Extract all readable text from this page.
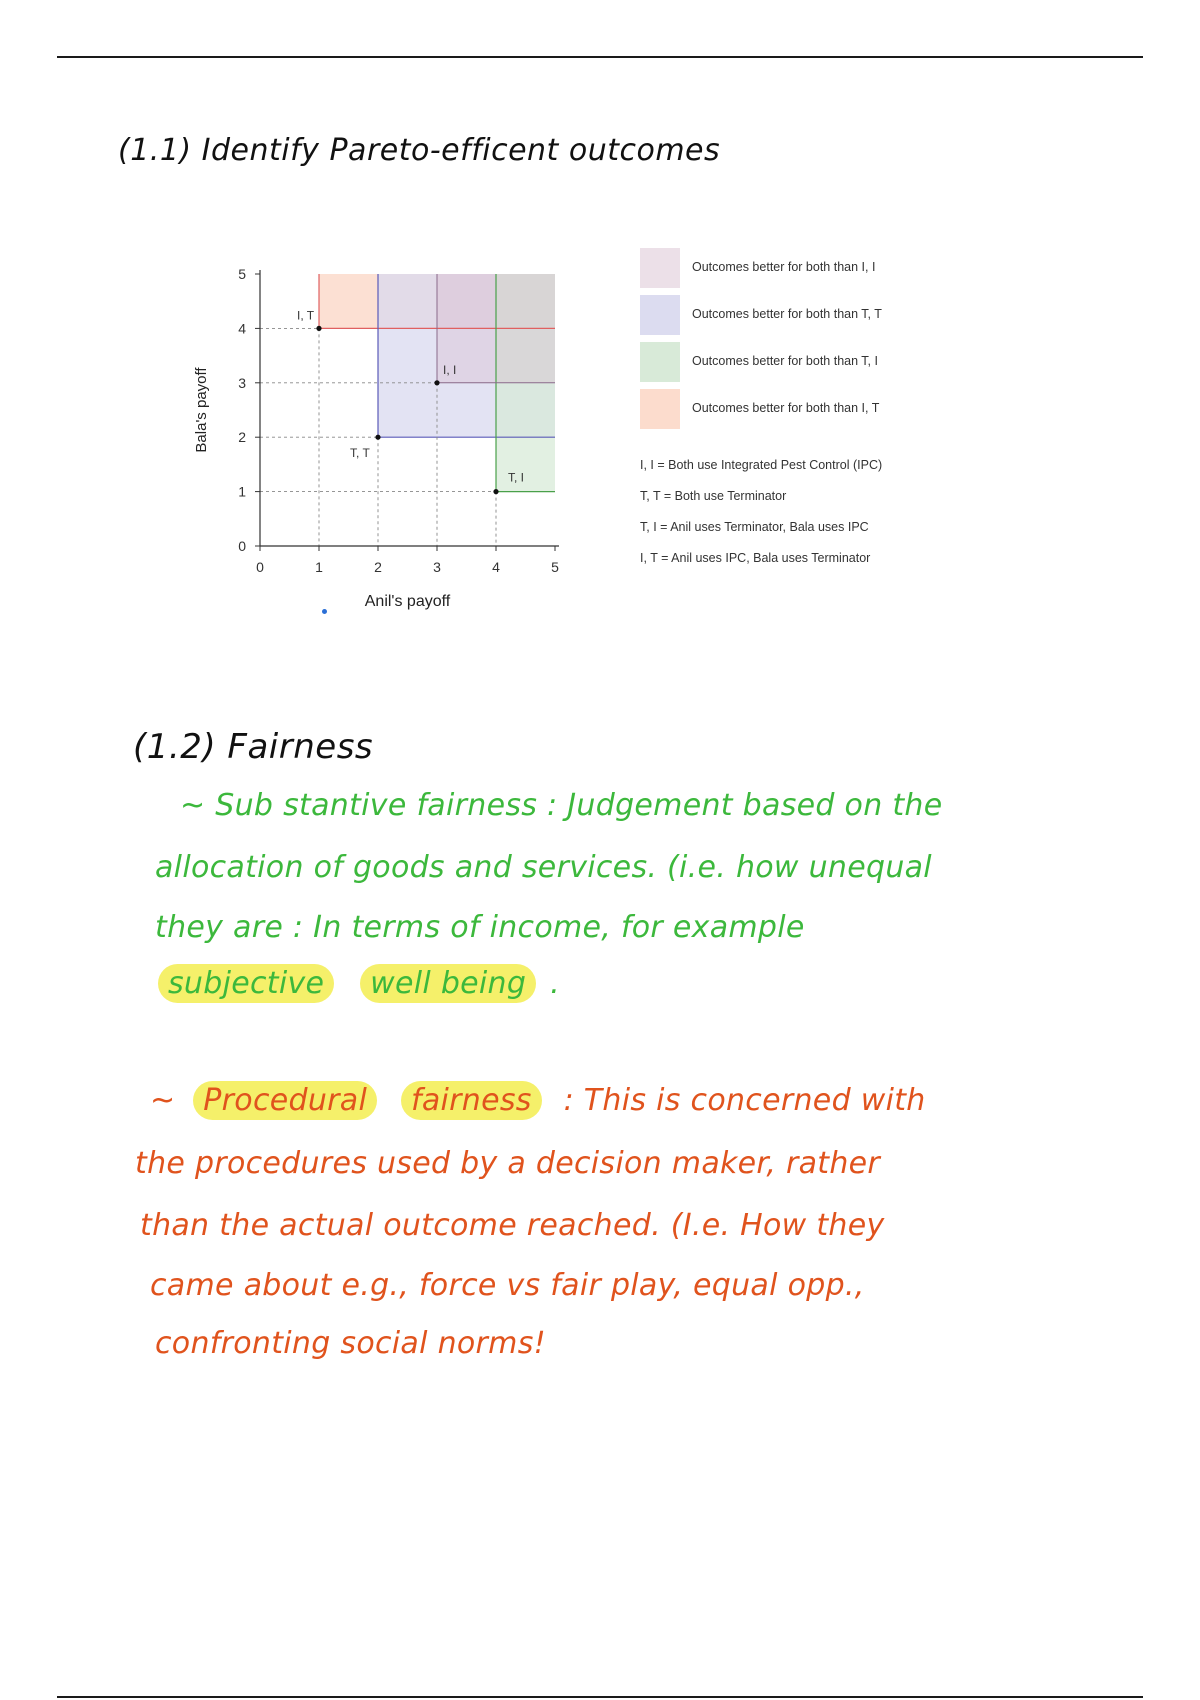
(1.1) Identify Pareto-efficent outcomes
0	1	2	3	4	5
0
1
2
3
4
5
Anil's payoff
Bala's payoff
I, T
I, I
T, T
T, I
Outcomes better for both than I, I
Outcomes better for both than T, T
Outcomes better for both than T, I
Outcomes better for both than I, T
I, I = Both use Integrated Pest Control (IPC)
T, T = Both use Terminator
T, I = Anil uses Terminator, Bala uses IPC
I, T = Anil uses IPC, Bala uses Terminator
(1.2) Fairness
~ Sub stantive fairness : Judgement based on the
allocation of goods and services. (i.e. how unequal
they are : In terms of income, for example
subjective well being .
~ Procedural fairness : This is concerned with
the procedures used by a decision maker, rather
than the actual outcome reached. (I.e. How they
came about e.g., force vs fair play, equal opp.,
confronting social norms!
